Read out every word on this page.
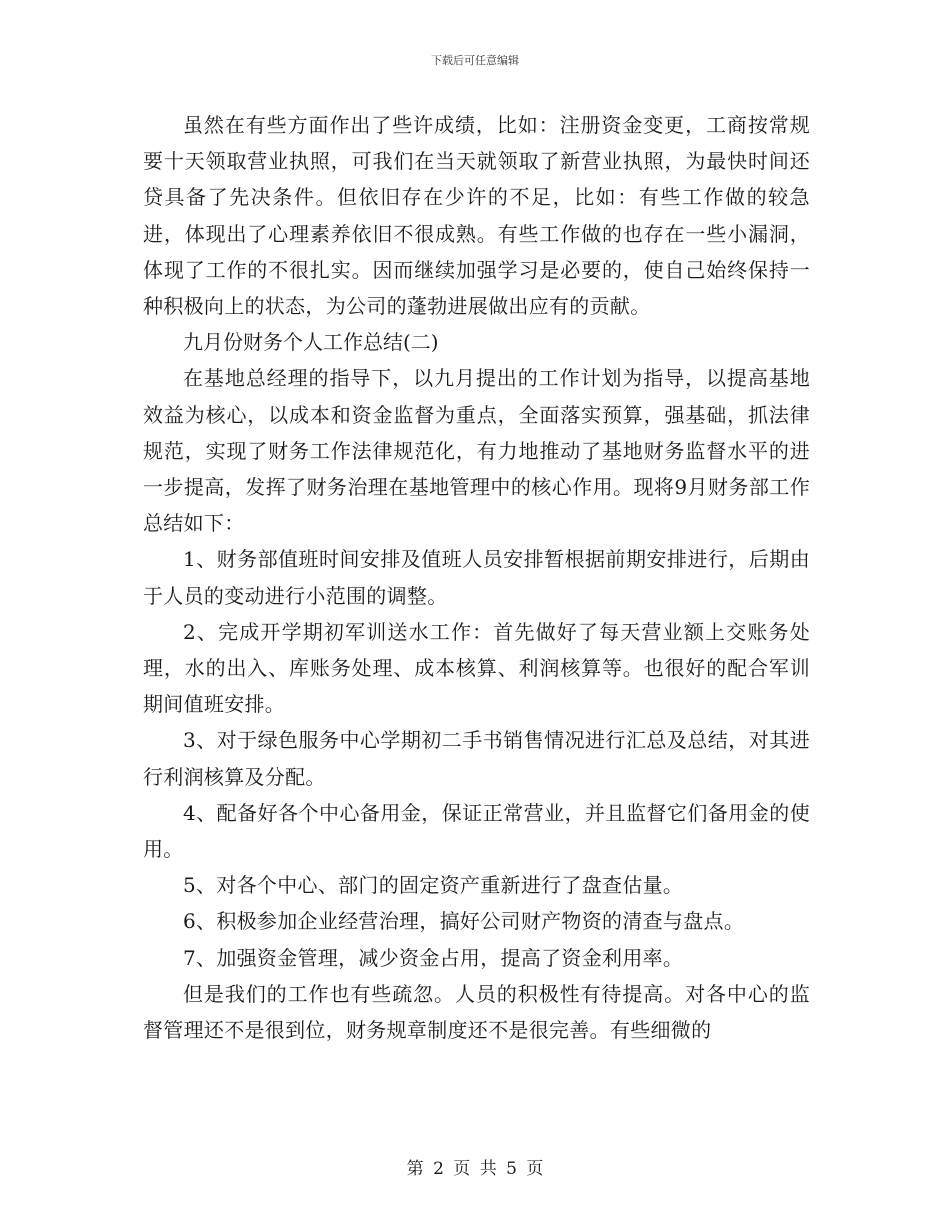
下载后可任意编辑

虽然在有些方面作出了些许成绩，比如：注册资金变更，工商按常规要十天领取营业执照，可我们在当天就领取了新营业执照，为最快时间还贷具备了先决条件。但依旧存在少许的不足，比如：有些工作做的较急进，体现出了心理素养依旧不很成熟。有些工作做的也存在一些小漏洞，体现了工作的不很扎实。因而继续加强学习是必要的，使自己始终保持一种积极向上的状态，为公司的蓬勃进展做出应有的贡献。

九月份财务个人工作总结(二)

在基地总经理的指导下，以九月提出的工作计划为指导，以提高基地效益为核心，以成本和资金监督为重点，全面落实预算，强基础，抓法律规范，实现了财务工作法律规范化，有力地推动了基地财务监督水平的进一步提高，发挥了财务治理在基地管理中的核心作用。现将9月财务部工作总结如下：

1、财务部值班时间安排及值班人员安排暂根据前期安排进行，后期由于人员的变动进行小范围的调整。

2、完成开学期初军训送水工作：首先做好了每天营业额上交账务处理，水的出入、库账务处理、成本核算、利润核算等。也很好的配合军训期间值班安排。

3、对于绿色服务中心学期初二手书销售情况进行汇总及总结，对其进行利润核算及分配。

4、配备好各个中心备用金，保证正常营业，并且监督它们备用金的使用。

5、对各个中心、部门的固定资产重新进行了盘查估量。

6、积极参加企业经营治理，搞好公司财产物资的清查与盘点。

7、加强资金管理，减少资金占用，提高了资金利用率。

但是我们的工作也有些疏忽。人员的积极性有待提高。对各中心的监督管理还不是很到位，财务规章制度还不是很完善。有些细微的

第 2 页 共 5 页
